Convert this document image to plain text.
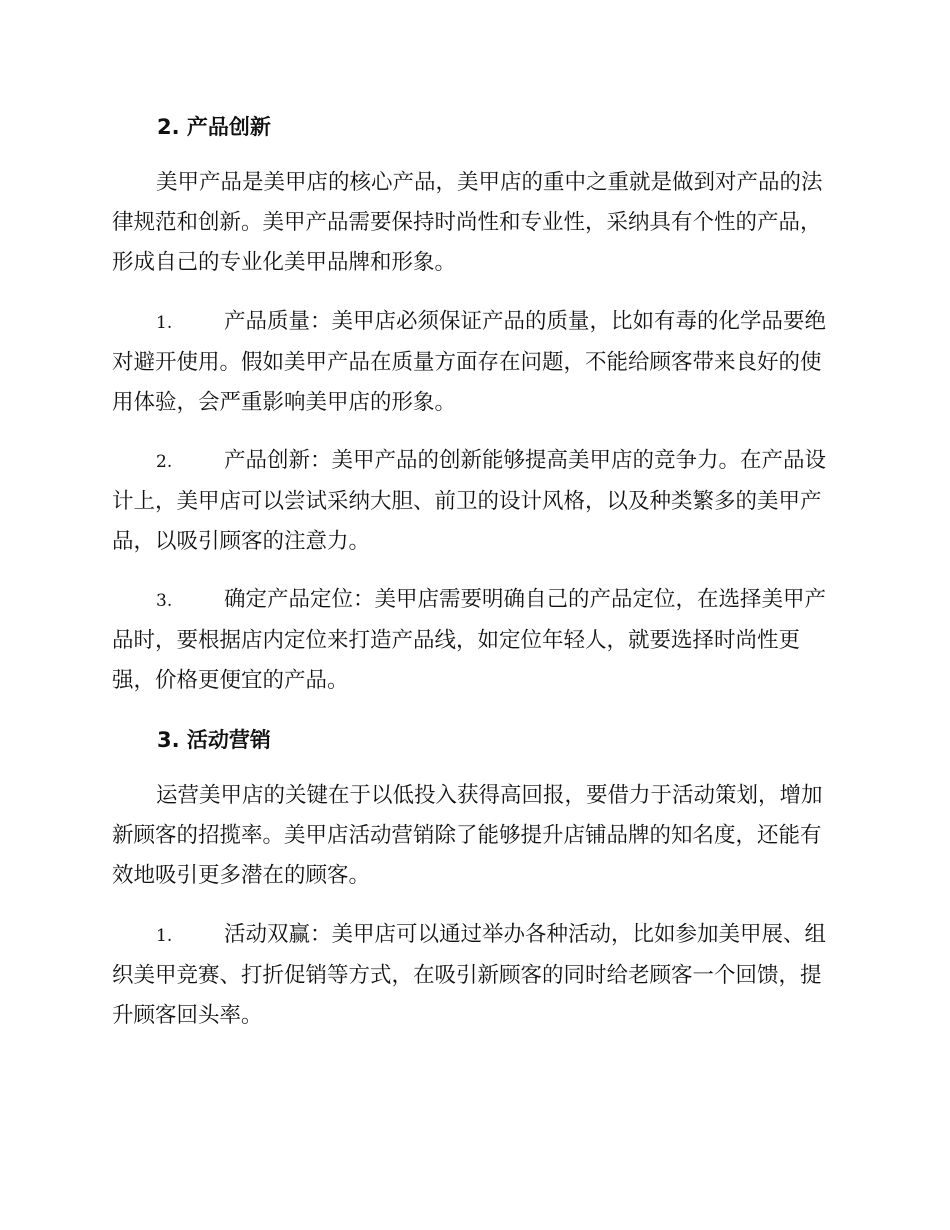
2. 产品创新

美甲产品是美甲店的核心产品，美甲店的重中之重就是做到对产品的法
律规范和创新。美甲产品需要保持时尚性和专业性，采纳具有个性的产品，
形成自己的专业化美甲品牌和形象。

1. 产品质量：美甲店必须保证产品的质量，比如有毒的化学品要绝
对避开使用。假如美甲产品在质量方面存在问题，不能给顾客带来良好的使
用体验，会严重影响美甲店的形象。

2. 产品创新：美甲产品的创新能够提高美甲店的竞争力。在产品设
计上，美甲店可以尝试采纳大胆、前卫的设计风格，以及种类繁多的美甲产
品，以吸引顾客的注意力。

3. 确定产品定位：美甲店需要明确自己的产品定位，在选择美甲产
品时，要根据店内定位来打造产品线，如定位年轻人，就要选择时尚性更
强，价格更便宜的产品。

3. 活动营销

运营美甲店的关键在于以低投入获得高回报，要借力于活动策划，增加
新顾客的招揽率。美甲店活动营销除了能够提升店铺品牌的知名度，还能有
效地吸引更多潜在的顾客。

1. 活动双赢：美甲店可以通过举办各种活动，比如参加美甲展、组
织美甲竞赛、打折促销等方式，在吸引新顾客的同时给老顾客一个回馈，提
升顾客回头率。
